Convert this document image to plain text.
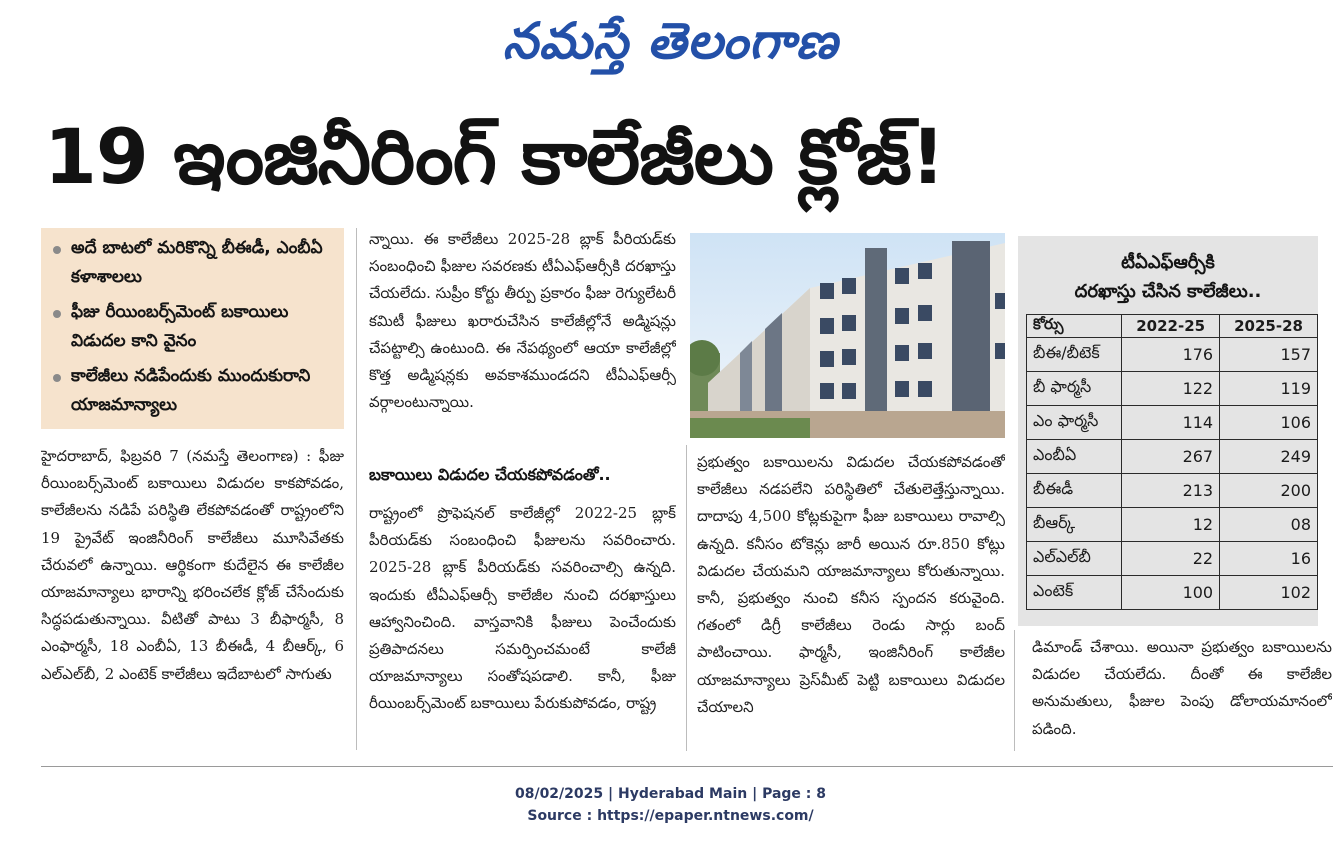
నమస్తే తెలంగాణ
19 ఇంజినీరింగ్ కాలేజీలు క్లోజ్!
అదే బాటలో మరికొన్ని బీఈడీ, ఎంబీఏ కళాశాలలు
ఫీజు రీయింబర్స్‌మెంట్ బకాయిలు విడుదల కాని వైనం
కాలేజీలు నడిపేందుకు ముందుకురాని యాజమాన్యాలు
హైదరాబాద్, ఫిబ్రవరి 7 (నమస్తే తెలంగాణ) : ఫీజు రీయింబర్స్‌మెంట్ బకాయిలు విడుదల కాకపోవడం, కాలేజీలను నడిపే పరిస్థితి లేకపోవడంతో రాష్ట్రంలోని 19 ప్రైవేట్ ఇంజినీరింగ్ కాలేజీలు మూసివేతకు చేరువలో ఉన్నాయి. ఆర్థికంగా కుదేలైన ఈ కాలేజీల యాజమాన్యాలు భారాన్ని భరించలేక క్లోజ్ చేసేందుకు సిద్ధపడుతున్నాయి. వీటితో పాటు 3 బీఫార్మసీ, 8 ఎంఫార్మసీ, 18 ఎంబీఏ, 13 బీఈడీ, 4 బీఆర్క్, 6 ఎల్ఎల్‌బీ, 2 ఎంటెక్ కాలేజీలు ఇదేబాటలో సాగుతు
న్నాయి. ఈ కాలేజీలు 2025-28 బ్లాక్ పీరియడ్‌కు సంబంధించి ఫీజుల సవరణకు టీఏఎఫ్ఆర్సీకి దరఖాస్తు చేయలేదు. సుప్రీం కోర్టు తీర్పు ప్రకారం ఫీజు రెగ్యులేటరీ కమిటీ ఫీజులు ఖరారుచేసిన కాలేజీల్లోనే అడ్మిషన్లు చేపట్టాల్సి ఉంటుంది. ఈ నేపథ్యంలో ఆయా కాలేజీల్లో కొత్త అడ్మిషన్లకు అవకాశముండదని టీఏఎఫ్ఆర్సీ వర్గాలంటున్నాయి.
బకాయిలు విడుదల చేయకపోవడంతో..
రాష్ట్రంలో ప్రొఫెషనల్ కాలేజీల్లో 2022-25 బ్లాక్ పీరియడ్‌కు సంబంధించి ఫీజులను సవరించారు. 2025-28 బ్లాక్ పీరియడ్‌కు సవరించాల్సి ఉన్నది. ఇందుకు టీఏఎఫ్ఆర్సీ కాలేజీల నుంచి దరఖాస్తులు ఆహ్వానించింది. వాస్తవానికి ఫీజులు పెంచేందుకు ప్రతిపాదనలు సమర్పించమంటే కాలేజీ యాజమాన్యాలు సంతోషపడాలి. కానీ, ఫీజు రీయింబర్స్‌మెంట్ బకాయిలు పేరుకుపోవడం, రాష్ట్ర
ప్రభుత్వం బకాయిలను విడుదల చేయకపోవడంతో కాలేజీలు నడపలేని పరిస్థితిలో చేతులెత్తేస్తున్నాయి. దాదాపు 4,500 కోట్లకుపైగా ఫీజు బకాయిలు రావాల్సి ఉన్నది. కనీసం టోకెన్లు జారీ అయిన రూ.850 కోట్లు విడుదల చేయమని యాజమాన్యాలు కోరుతున్నాయి. కానీ, ప్రభుత్వం నుంచి కనీస స్పందన కరువైంది. గతంలో డిగ్రీ కాలేజీలు రెండు సార్లు బంద్ పాటించాయి. ఫార్మసీ, ఇంజినీరింగ్ కాలేజీల యాజమాన్యాలు ప్రెస్‌మీట్ పెట్టి బకాయిలు విడుదల చేయాలని
టీఏఎఫ్ఆర్సీకి
దరఖాస్తు చేసిన కాలేజీలు..
కోర్సు	2022-25	2025-28
బీఈ/బీటెక్	176	157
బీ ఫార్మసీ	122	119
ఎం ఫార్మసీ	114	106
ఎంబీఏ	267	249
బీఈడీ	213	200
బీఆర్క్	12	08
ఎల్ఎల్‌బీ	22	16
ఎంటెక్	100	102
డిమాండ్ చేశాయి. అయినా ప్రభుత్వం బకాయిలను విడుదల చేయలేదు. దీంతో ఈ కాలేజీల అనుమతులు, ఫీజుల పెంపు డోలాయమానంలో పడింది.
08/02/2025 | Hyderabad Main | Page : 8
Source : https://epaper.ntnews.com/
